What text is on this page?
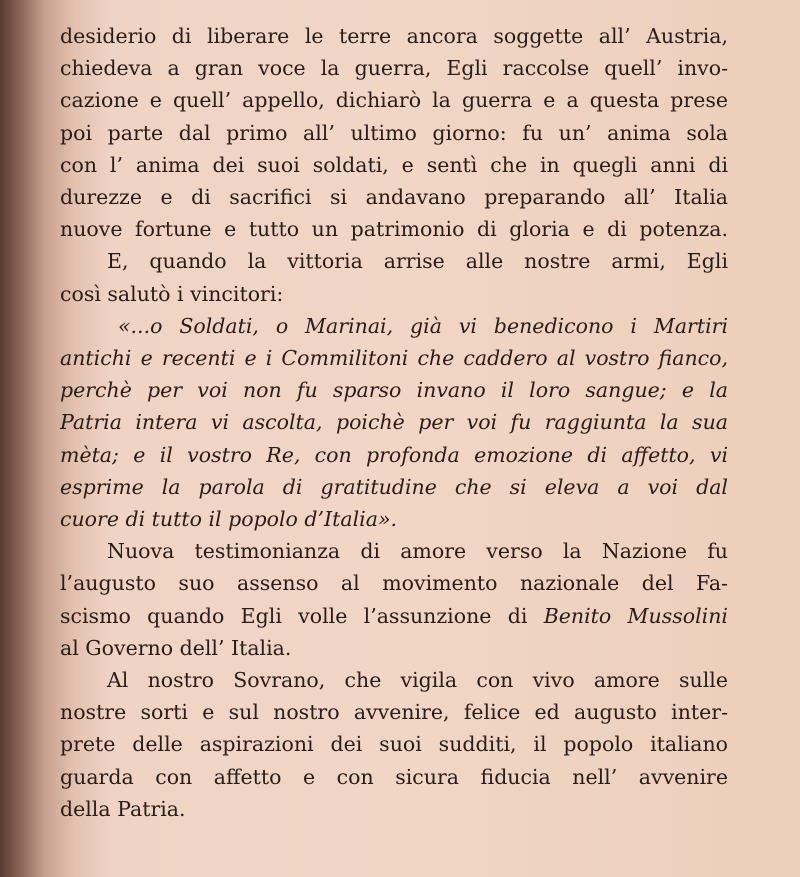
desiderio di liberare le terre ancora soggette all’ Austria,
chiedeva a gran voce la guerra, Egli raccolse quell’ invo-
cazione e quell’ appello, dichiarò la guerra e a questa prese
poi parte dal primo all’ ultimo giorno: fu un’ anima sola
con l’ anima dei suoi soldati, e sentì che in quegli anni di
durezze e di sacrifici si andavano preparando all’ Italia
nuove fortune e tutto un patrimonio di gloria e di potenza.

E, quando la vittoria arrise alle nostre armi, Egli
così salutò i vincitori:

«...o Soldati, o Marinai, già vi benedicono i Martiri
antichi e recenti e i Commilitoni che caddero al vostro fianco,
perchè per voi non fu sparso invano il loro sangue; e la
Patria intera vi ascolta, poichè per voi fu raggiunta la sua
mèta; e il vostro Re, con profonda emozione di affetto, vi
esprime la parola di gratitudine che si eleva a voi dal
cuore di tutto il popolo d’Italia».

Nuova testimonianza di amore verso la Nazione fu
l’augusto suo assenso al movimento nazionale del Fa-
scismo quando Egli volle l’assunzione di Benito Mussolini
al Governo dell’ Italia.

Al nostro Sovrano, che vigila con vivo amore sulle
nostre sorti e sul nostro avvenire, felice ed augusto inter-
prete delle aspirazioni dei suoi sudditi, il popolo italiano
guarda con affetto e con sicura fiducia nell’ avvenire
della Patria.
